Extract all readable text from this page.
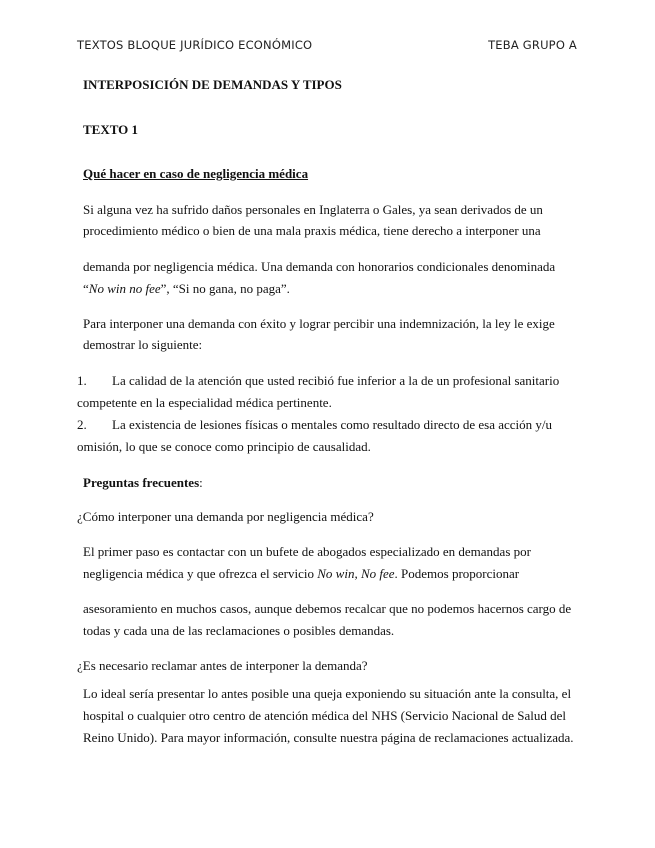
TEXTOS BLOQUE JURÍDICO ECONÓMICO	TEBA GRUPO A
INTERPOSICIÓN DE DEMANDAS Y TIPOS
TEXTO 1
Qué hacer en caso de negligencia médica
Si alguna vez ha sufrido daños personales en Inglaterra o Gales, ya sean derivados de un
procedimiento médico o bien de una mala praxis médica, tiene derecho a interponer una
demanda por negligencia médica. Una demanda con honorarios condicionales denominada
“No win no fee”, “Si no gana, no paga”.
Para interponer una demanda con éxito y lograr percibir una indemnización, la ley le exige
demostrar lo siguiente:
1. La calidad de la atención que usted recibió fue inferior a la de un profesional sanitario
competente en la especialidad médica pertinente.
2. La existencia de lesiones físicas o mentales como resultado directo de esa acción y/u
omisión, lo que se conoce como principio de causalidad.
Preguntas frecuentes:
¿Cómo interponer una demanda por negligencia médica?
El primer paso es contactar con un bufete de abogados especializado en demandas por
negligencia médica y que ofrezca el servicio No win, No fee. Podemos proporcionar
asesoramiento en muchos casos, aunque debemos recalcar que no podemos hacernos cargo de
todas y cada una de las reclamaciones o posibles demandas.
¿Es necesario reclamar antes de interponer la demanda?
Lo ideal sería presentar lo antes posible una queja exponiendo su situación ante la consulta, el
hospital o cualquier otro centro de atención médica del NHS (Servicio Nacional de Salud del
Reino Unido). Para mayor información, consulte nuestra página de reclamaciones actualizada.
